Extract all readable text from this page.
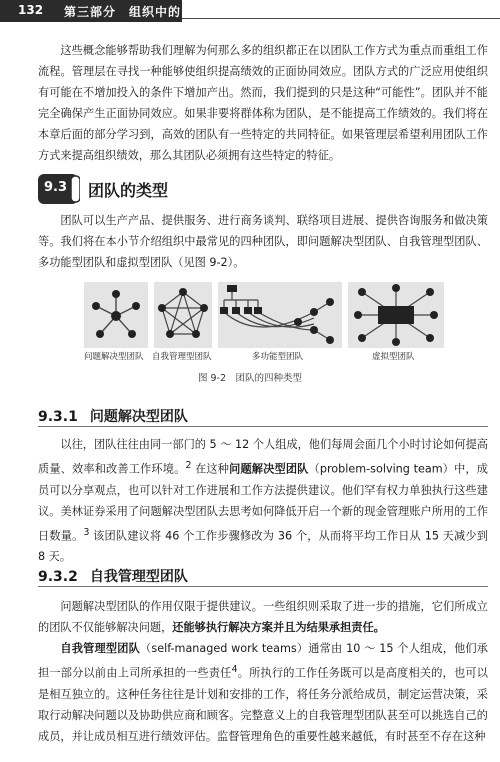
132 第三部分　 组织中的群体

这些概念能够帮助我们理解为何那么多的组织都正在以团队工作方式为重点而重组工作流程。管理层在寻找一种能够使组织提高绩效的正面协同效应。团队方式的广泛应用使组织有可能在不增加投入的条件下增加产出。然而，我们提到的只是这种“可能性”。团队并不能完全确保产生正面协同效应。如果非要将群体称为团队，是不能提高工作绩效的。我们将在本章后面的部分学习到，高效的团队有一些特定的共同特征。如果管理层希望利用团队工作方式来提高组织绩效，那么其团队必须拥有这些特定的特征。

9.3 团队的类型

团队可以生产产品、提供服务、进行商务谈判、联络项目进展、提供咨询服务和做决策等。我们将在本小节介绍组织中最常见的四种团队，即问题解决型团队、自我管理型团队、多功能型团队和虚拟型团队（见图 9-2）。

问题解决型团队 自我管理型团队	多功能型团队	虚拟型团队
图 9-2　团队的四种类型
9.3.1 问题解决型团队

以往，团队往往由同一部门的 5 ～ 12 个人组成，他们每周会面几个小时讨论如何提高质量、效率和改善工作环境。$^2$ 在这种问题解决型团队（problem-solving team）中，成员可以分享观点，也可以针对工作进展和工作方法提供建议。他们罕有权力单独执行这些建议。美林证券采用了问题解决型团队去思考如何降低开启一个新的现金管理账户所用的工作日数量。$^3$ 该团队建议将 46 个工作步骤修改为 36 个，从而将平均工作日从 15 天减少到 8 天。

9.3.2 自我管理型团队

问题解决型团队的作用仅限于提供建议。一些组织则采取了进一步的措施，它们所成立的团队不仅能够解决问题，还能够执行解决方案并且为结果承担责任。

自我管理型团队（self-managed work teams）通常由 10 ～ 15 个人组成，他们承担一部分以前由上司所承担的一些责任$^4$。所执行的工作任务既可以是高度相关的，也可以是相互独立的。这种任务往往是计划和安排的工作，将任务分派给成员，制定运营决策，采取行动解决问题以及协助供应商和顾客。完整意义上的自我管理型团队甚至可以挑选自己的成员，并让成员相互进行绩效评估。监督管理角色的重要性越来越低，有时甚至不存在这种
